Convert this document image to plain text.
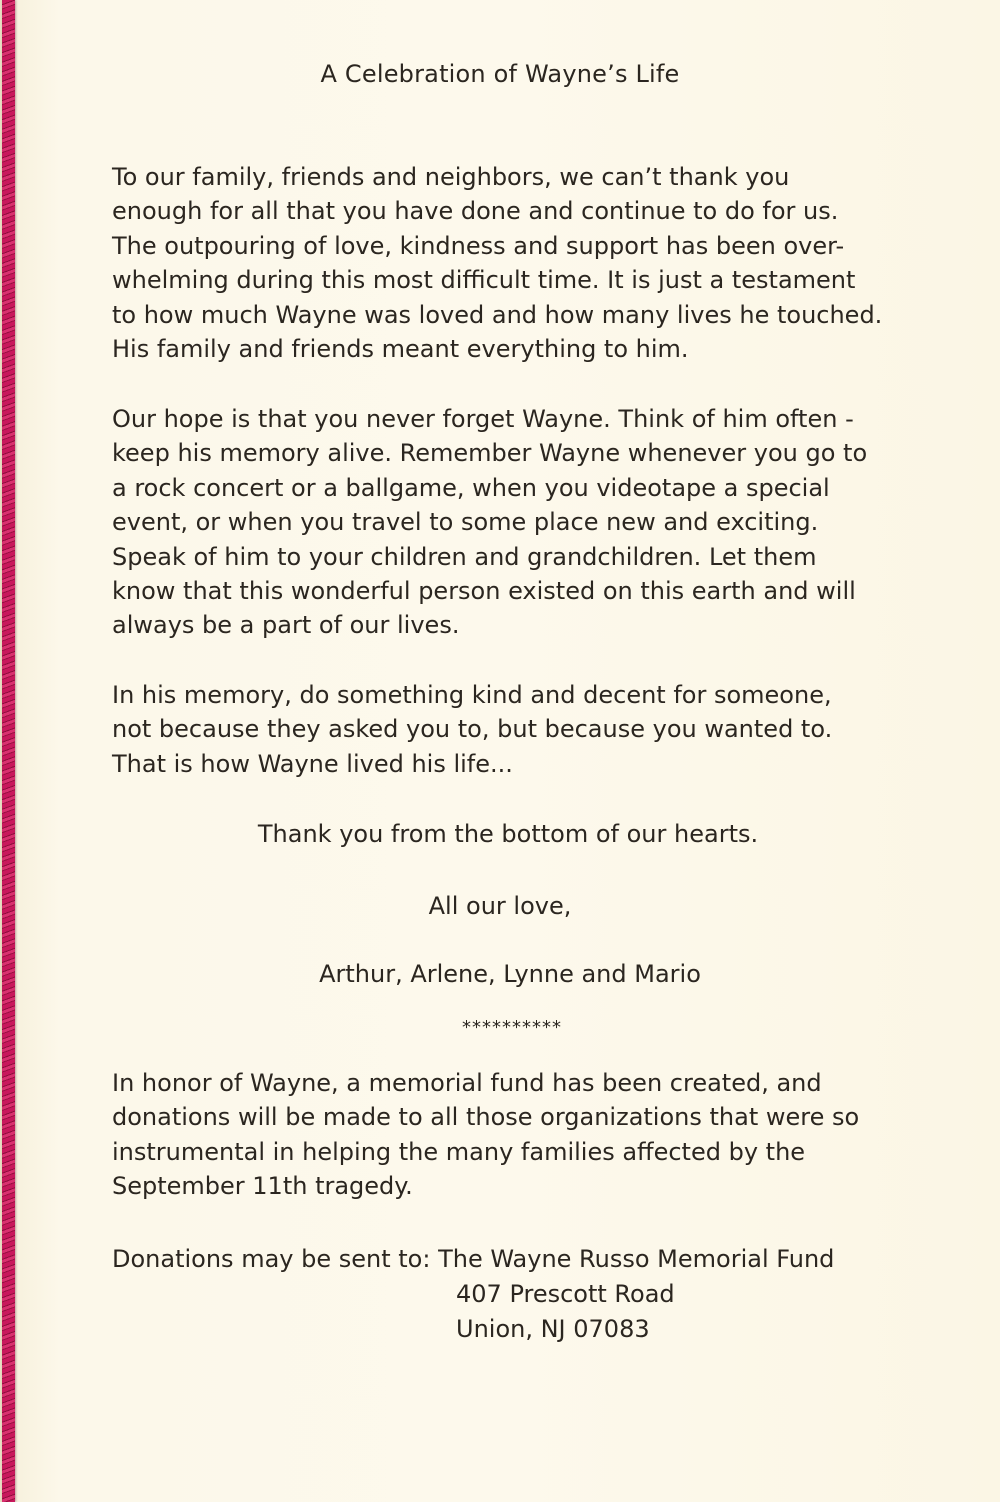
A Celebration of Wayne’s Life
To our family, friends and neighbors, we can’t thank you
enough for all that you have done and continue to do for us.
The outpouring of love, kindness and support has been over-
whelming during this most difficult time. It is just a testament
to how much Wayne was loved and how many lives he touched.
His family and friends meant everything to him.
Our hope is that you never forget Wayne. Think of him often -
keep his memory alive. Remember Wayne whenever you go to
a rock concert or a ballgame, when you videotape a special
event, or when you travel to some place new and exciting.
Speak of him to your children and grandchildren. Let them
know that this wonderful person existed on this earth and will
always be a part of our lives.
In his memory, do something kind and decent for someone,
not because they asked you to, but because you wanted to.
That is how Wayne lived his life...
Thank you from the bottom of our hearts.
All our love,
Arthur, Arlene, Lynne and Mario
**********
In honor of Wayne, a memorial fund has been created, and
donations will be made to all those organizations that were so
instrumental in helping the many families affected by the
September 11th tragedy.
Donations may be sent to: The Wayne Russo Memorial Fund
407 Prescott Road
Union, NJ 07083
